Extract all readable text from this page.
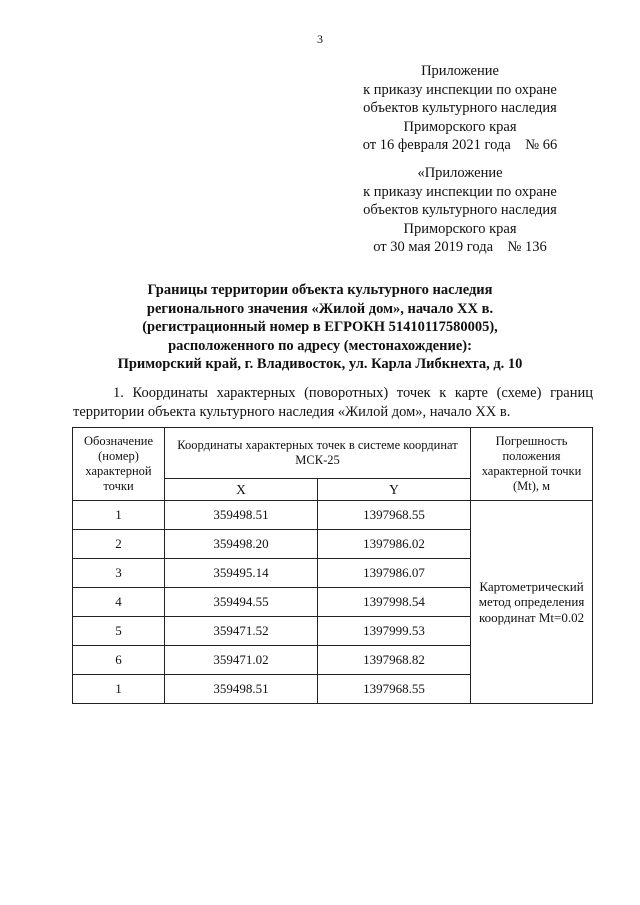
3
Приложение
к приказу инспекции по охране
объектов культурного наследия
Приморского края
от 16 февраля 2021 года    № 66
«Приложение
к приказу инспекции по охране
объектов культурного наследия
Приморского края
от 30 мая 2019 года    № 136
Границы территории объекта культурного наследия
регионального значения «Жилой дом», начало XX в.
(регистрационный номер в ЕГРОКН 51410117580005),
расположенного по адресу (местонахождение):
Приморский край, г. Владивосток, ул. Карла Либкнехта, д. 10
1. Координаты характерных (поворотных) точек к карте (схеме) границ
территории объекта культурного наследия «Жилой дом», начало XX в.
Обозначение (номер) характерной точки	Координаты характерных точек в системе координат МСК-25		Погрешность положения характерной точки (Mt), м
	X	Y	
1	359498.51	1397968.55	Картометрический метод определения координат Mt=0.02
2	359498.20	1397986.02	
3	359495.14	1397986.07	
4	359494.55	1397998.54	
5	359471.52	1397999.53	
6	359471.02	1397968.82	
1	359498.51	1397968.55	
